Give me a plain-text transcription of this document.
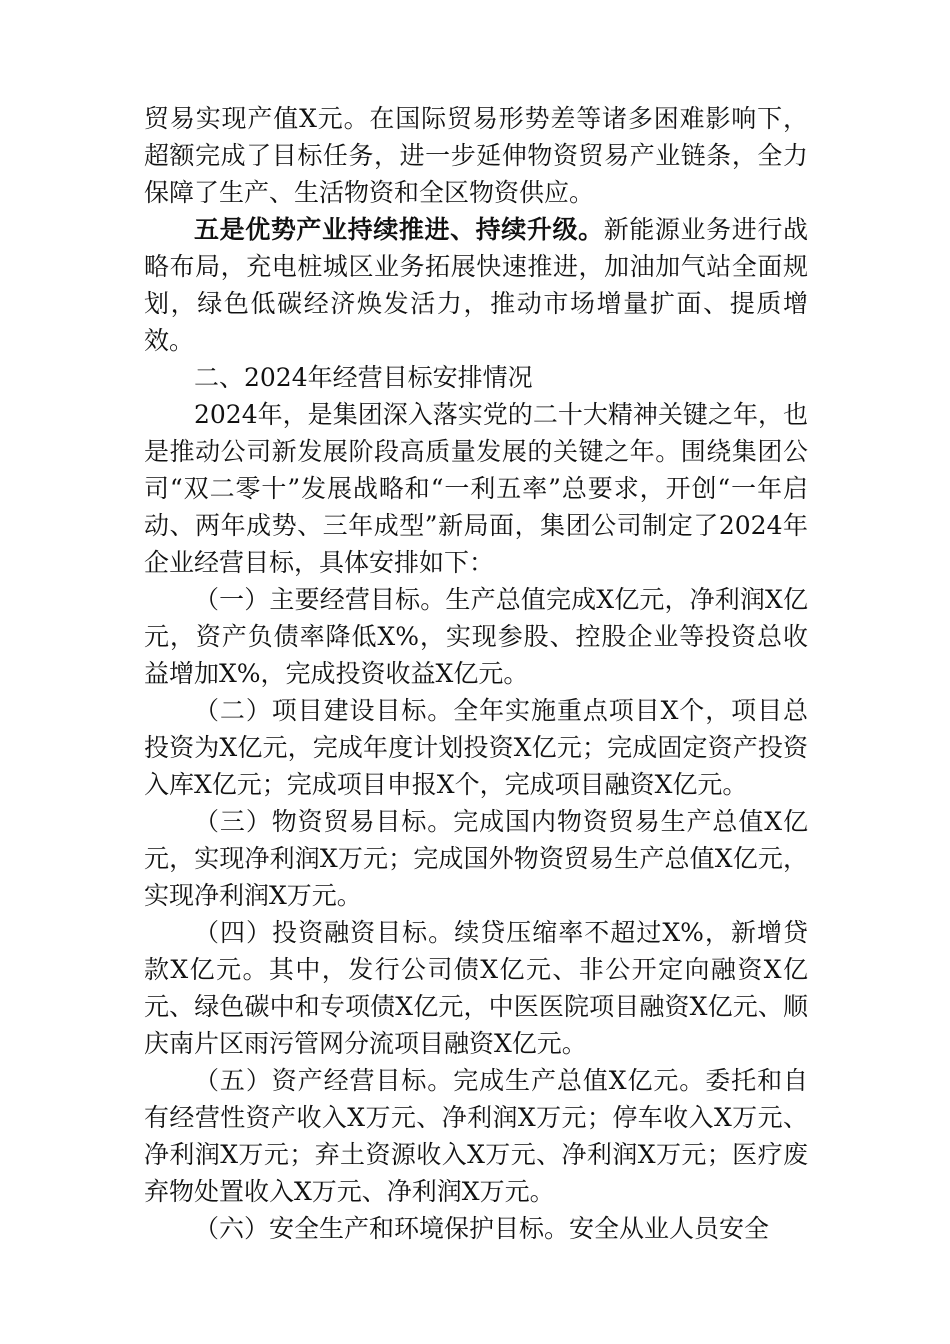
贸易实现产值X元。在国际贸易形势差等诸多困难影响下，超额完成了目标任务，进一步延伸物资贸易产业链条，全力保障了生产、生活物资和全区物资供应。

五是优势产业持续推进、持续升级。新能源业务进行战略布局，充电桩城区业务拓展快速推进，加油加气站全面规划，绿色低碳经济焕发活力，推动市场增量扩面、提质增效。

二、2024年经营目标安排情况

2024年，是集团深入落实党的二十大精神关键之年，也是推动公司新发展阶段高质量发展的关键之年。围绕集团公司“双二零十”发展战略和“一利五率”总要求，开创“一年启动、两年成势、三年成型”新局面，集团公司制定了2024年企业经营目标，具体安排如下：

（一）主要经营目标。生产总值完成X亿元，净利润X亿元，资产负债率降低X%，实现参股、控股企业等投资总收益增加X%，完成投资收益X亿元。

（二）项目建设目标。全年实施重点项目X个，项目总投资为X亿元，完成年度计划投资X亿元；完成固定资产投资入库X亿元；完成项目申报X个，完成项目融资X亿元。

（三）物资贸易目标。完成国内物资贸易生产总值X亿元，实现净利润X万元；完成国外物资贸易生产总值X亿元，实现净利润X万元。

（四）投资融资目标。续贷压缩率不超过X%，新增贷款X亿元。其中，发行公司债X亿元、非公开定向融资X亿元、绿色碳中和专项债X亿元，中医医院项目融资X亿元、顺庆南片区雨污管网分流项目融资X亿元。

（五）资产经营目标。完成生产总值X亿元。委托和自有经营性资产收入X万元、净利润X万元；停车收入X万元、净利润X万元；弃土资源收入X万元、净利润X万元；医疗废弃物处置收入X万元、净利润X万元。

（六）安全生产和环境保护目标。安全从业人员安全
